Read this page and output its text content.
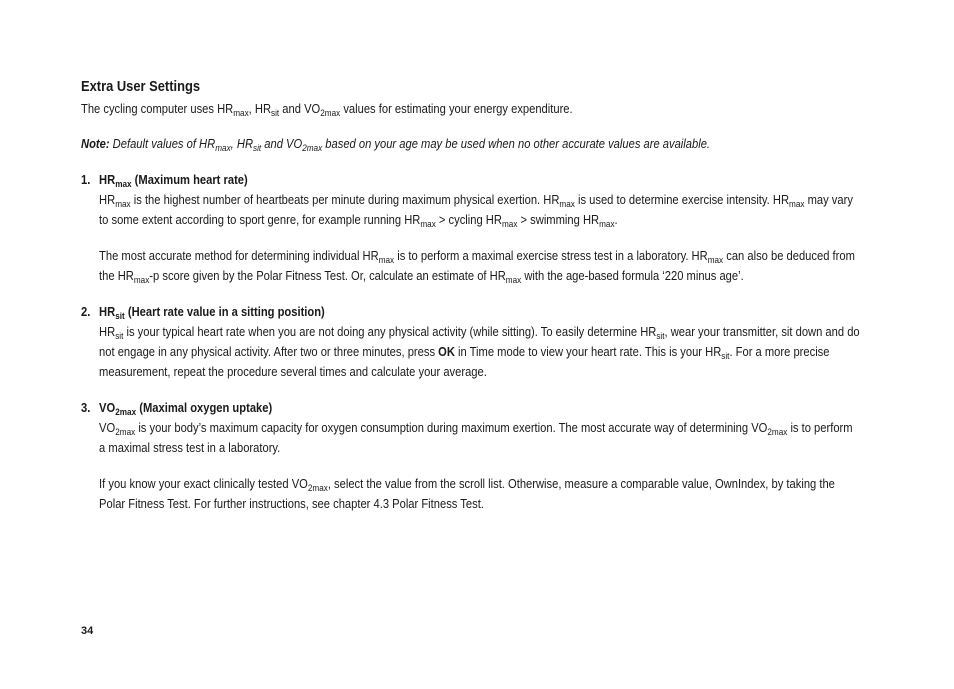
Extra User Settings

The cycling computer uses $HR_{max}$, $HR_{sit}$ and $VO_{2max}$ values for estimating your energy expenditure.

Note: Default values of $HR_{max}$, $HR_{sit}$ and $VO_{2max}$ based on your age may be used when no other accurate values are available.

1. $HR_{max}$ (Maximum heart rate)

$HR_{max}$ is the highest number of heartbeats per minute during maximum physical exertion. $HR_{max}$ is used to determine exercise intensity. $HR_{max}$ may vary to some extent according to sport genre, for example running $HR_{max}$ > cycling $HR_{max}$ > swimming $HR_{max}$.

The most accurate method for determining individual $HR_{max}$ is to perform a maximal exercise stress test in a laboratory. $HR_{max}$ can also be deduced from the $HR_{max}-p$ score given by the Polar Fitness Test. Or, calculate an estimate of $HR_{max}$ with the age-based formula ‘220 minus age’.

2. $HR_{sit}$ (Heart rate value in a sitting position)

$HR_{sit}$ is your typical heart rate when you are not doing any physical activity (while sitting). To easily determine $HR_{sit}$, wear your transmitter, sit down and do not engage in any physical activity. After two or three minutes, press OK in Time mode to view your heart rate. This is your $HR_{sit}$. For a more precise measurement, repeat the procedure several times and calculate your average.

3. $VO_{2max}$ (Maximal oxygen uptake)

$VO_{2max}$ is your body’s maximum capacity for oxygen consumption during maximum exertion. The most accurate way of determining $VO_{2max}$ is to perform a maximal stress test in a laboratory.

If you know your exact clinically tested $VO_{2max}$, select the value from the scroll list. Otherwise, measure a comparable value, OwnIndex, by taking the Polar Fitness Test. For further instructions, see chapter 4.3 Polar Fitness Test.

34
